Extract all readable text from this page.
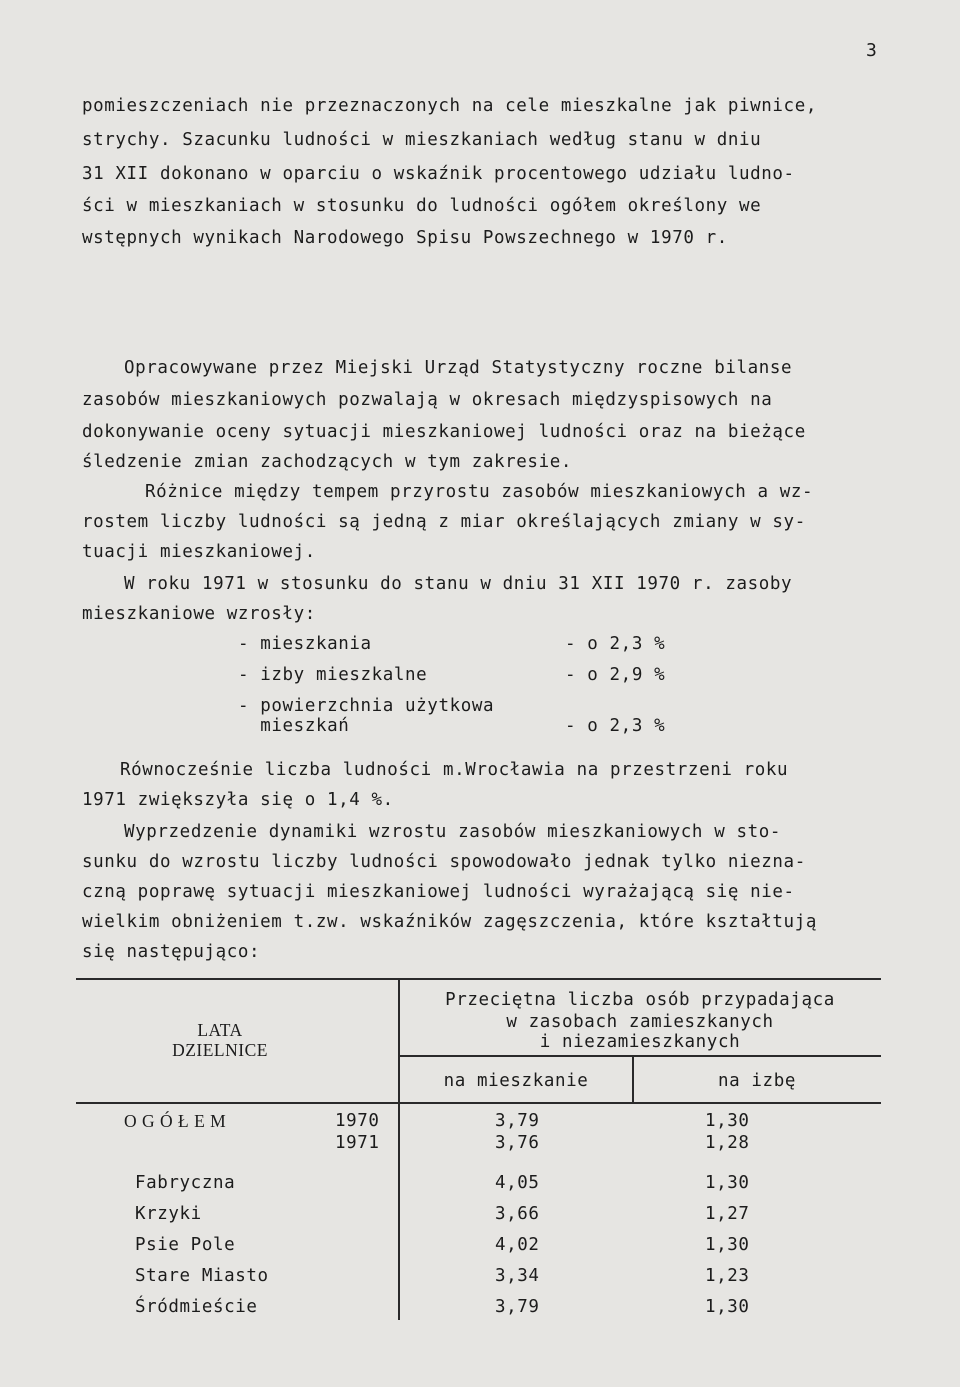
3
pomieszczeniach nie przeznaczonych na cele mieszkalne jak piwnice,
strychy. Szacunku ludności w mieszkaniach według stanu w dniu
31 XII dokonano w oparciu o wskaźnik procentowego udziału ludno-
ści w mieszkaniach w stosunku do ludności ogółem określony we
wstępnych wynikach Narodowego Spisu Powszechnego w 1970 r.
Opracowywane przez Miejski Urząd Statystyczny roczne bilanse
zasobów mieszkaniowych pozwalają w okresach międzyspisowych na
dokonywanie oceny sytuacji mieszkaniowej ludności oraz na bieżące
śledzenie zmian zachodzących w tym zakresie.
Różnice między tempem przyrostu zasobów mieszkaniowych a wz-
rostem liczby ludności są jedną z miar określających zmiany w sy-
tuacji mieszkaniowej.
W roku 1971 w stosunku do stanu w dniu 31 XII 1970 r. zasoby
mieszkaniowe wzrosły:
- mieszkania	- o 2,3 %
- izby mieszkalne	- o 2,9 %
- powierzchnia użytkowa
mieszkań	- o 2,3 %
Równocześnie liczba ludności m.Wrocławia na przestrzeni roku
1971 zwiększyła się o 1,4 %.
Wyprzedzenie dynamiki wzrostu zasobów mieszkaniowych w sto-
sunku do wzrostu liczby ludności spowodowało jednak tylko nieznа-
czną poprawę sytuacji mieszkaniowej ludności wyrażającą się nie-
wielkim obniżeniem t.zw. wskaźników zagęszczenia, które kształtują
się następująco:
LATA
DZIELNICE
Przeciętna liczba osób przypadająca
w zasobach zamieszkanych
i niezamieszkanych
na mieszkanie	na izbę
O G Ó Ł E M	1970	3,79	1,30
1971	3,76	1,28
Fabryczna	4,05	1,30
Krzyki	3,66	1,27
Psie Pole	4,02	1,30
Stare Miasto	3,34	1,23
Śródmieście	3,79	1,30
